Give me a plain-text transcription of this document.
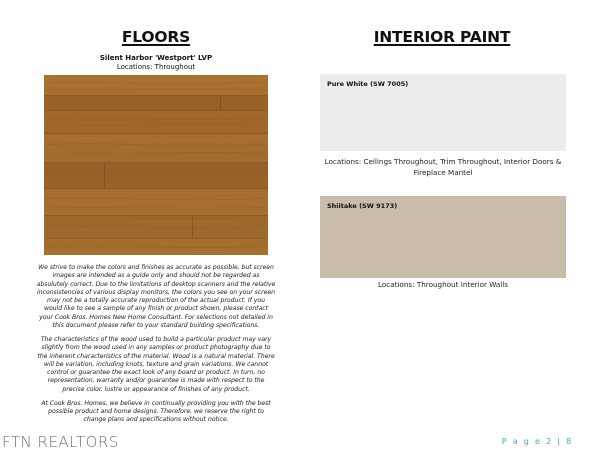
FLOORS	INTERIOR PAINT
Silent Harbor 'Westport' LVP
Locations: Throughout
We strive to make the colors and finishes as accurate as possible, but screen
images are intended as a guide only and should not be regarded as
absolutely correct. Due to the limitations of desktop scanners and the relative
inconsistencies of various display monitors, the colors you see on your screen
may not be a totally accurate reproduction of the actual product. If you
would like to see a sample of any finish or product shown, please contact
your Cook Bros. Homes New Home Consultant. For selections not detailed in
this document please refer to your standard building specifications.
The characteristics of the wood used to build a particular product may vary
slightly from the wood used in any samples or product photography due to
the inherent characteristics of the material. Wood is a natural material. There
will be variation, including knots, texture and grain variations. We cannot
control or guarantee the exact look of any board or product. In turn, no
representation, warranty and/or guarantee is made with respect to the
precise color, lustre or appearance of finishes of any product.
At Cook Bros. Homes, we believe in continually providing you with the best
possible product and home designs. Therefore, we reserve the right to
change plans and specifications without notice.
Pure White (SW 7005)
Locations: Ceilings Throughout, Trim Throughout, Interior Doors &
Fireplace Mantel
Shiitake (SW 9173)
Locations: Throughout Interior Walls
FTN REALTORS	P a g e 2 | 8
